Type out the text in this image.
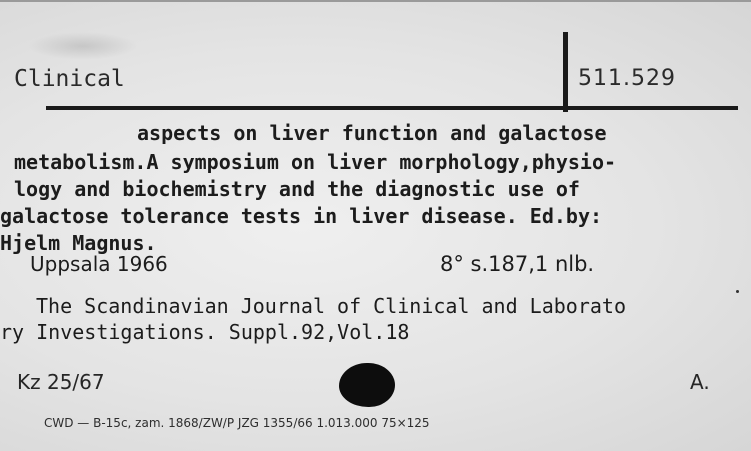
Clinical	511.529
aspects on liver function and galactose
metabolism.A symposium on liver morphology,physio-
logy and biochemistry and the diagnostic use of
galactose tolerance tests in liver disease. Ed.by:
Hjelm Magnus.
Uppsala 1966	8° s.187,1 nlb.
The Scandinavian Journal of Clinical and Laborato
ry Investigations. Suppl.92,Vol.18
Kz 25/67	A.
CWD — B-15c, zam. 1868/ZW/P JZG 1355/66 1.013.000 75×125
